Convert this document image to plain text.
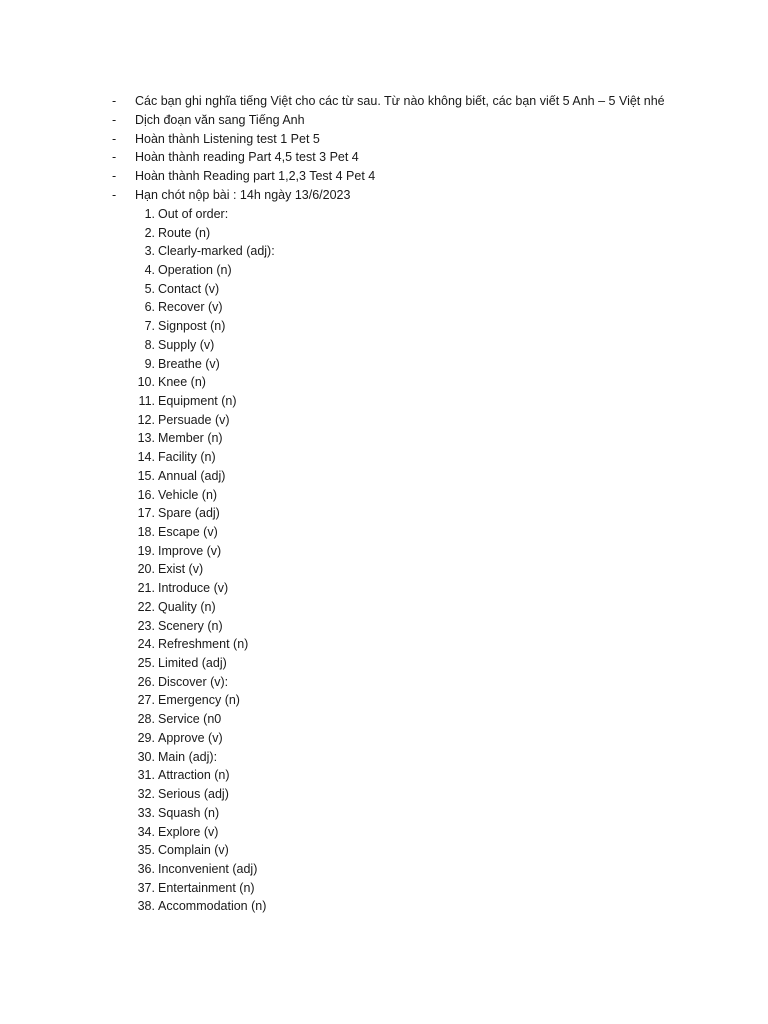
-	Các bạn ghi nghĩa tiếng Việt cho các từ sau. Từ nào không biết, các bạn viết 5 Anh – 5 Việt nhé
-	Dịch đoạn văn sang Tiếng Anh
-	Hoàn thành Listening test 1 Pet 5
-	Hoàn thành reading Part 4,5 test 3 Pet 4
-	Hoàn thành Reading part 1,2,3 Test 4 Pet 4
-	Hạn chót nộp bài : 14h ngày 13/6/2023
1. Out of order:
2. Route (n)
3. Clearly-marked (adj):
4. Operation (n)
5. Contact (v)
6. Recover (v)
7. Signpost (n)
8. Supply (v)
9. Breathe (v)
10. Knee (n)
11. Equipment (n)
12. Persuade (v)
13. Member (n)
14. Facility (n)
15. Annual (adj)
16. Vehicle (n)
17. Spare (adj)
18. Escape (v)
19. Improve (v)
20. Exist (v)
21. Introduce (v)
22. Quality (n)
23. Scenery (n)
24. Refreshment (n)
25. Limited (adj)
26. Discover (v):
27. Emergency (n)
28. Service (n0
29. Approve (v)
30. Main (adj):
31. Attraction (n)
32. Serious (adj)
33. Squash (n)
34. Explore (v)
35. Complain (v)
36. Inconvenient (adj)
37. Entertainment (n)
38. Accommodation (n)
